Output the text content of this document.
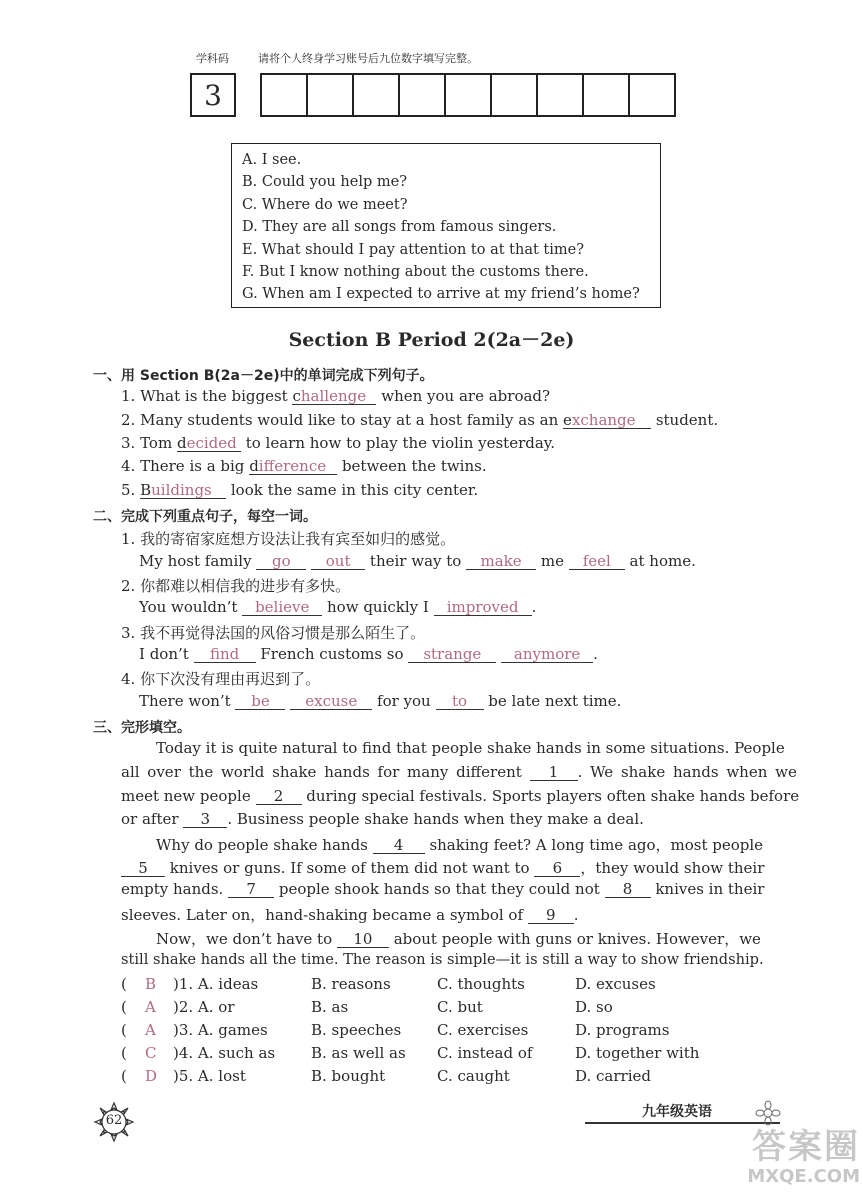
学科码	请将个人终身学习账号后九位数字填写完整。
3
A. I see.
B. Could you help me?
C. Where do we meet?
D. They are all songs from famous singers.
E. What should I pay attention to at that time?
F. But I know nothing about the customs there.
G. When am I expected to arrive at my friend’s home?
Section B Period 2(2a－2e)
一、用 Section B(2a－2e)中的单词完成下列句子。
1. What is the biggest challenge when you are abroad?
2. Many students would like to stay at a host family as an exchange student.
3. Tom decided to learn how to play the violin yesterday.
4. There is a big difference between the twins.
5. Buildings look the same in this city center.
二、完成下列重点句子，每空一词。
1. 我的寄宿家庭想方设法让我有宾至如归的感觉。
My host family go out their way to make me feel at home.
2. 你都难以相信我的进步有多快。
You wouldn’t believe how quickly I improved .
3. 我不再觉得法国的风俗习惯是那么陌生了。
I don’t find French customs so strange anymore .
4. 你下次没有理由再迟到了。
There won’t be excuse for you to be late next time.
三、完形填空。
Today it is quite natural to find that people shake hands in some situations. People
all over the world shake hands for many different 1 . We shake hands when we
meet new people 2 during special festivals. Sports players often shake hands before
or after 3 . Business people shake hands when they make a deal.
Why do people shake hands 4 shaking feet? A long time ago，most people
5 knives or guns. If some of them did not want to 6 ，they would show their
empty hands. 7 people shook hands so that they could not 8 knives in their
sleeves. Later on，hand-shaking became a symbol of 9 .
Now，we don’t have to 10 about people with guns or knives. However，we
still shake hands all the time. The reason is simple—it is still a way to show friendship.
( B )1. A. ideas	B. reasons	C. thoughts	D. excuses
( A )2. A. or	B. as	C. but	D. so
( A )3. A. games	B. speeches C. exercises	D. programs
( C )4. A. such as B. as well as C. instead of	D. together with
( D )5. A. lost	B. bought	C. caught	D. carried
62
九年级英语
答案圈
MXQE.COM
